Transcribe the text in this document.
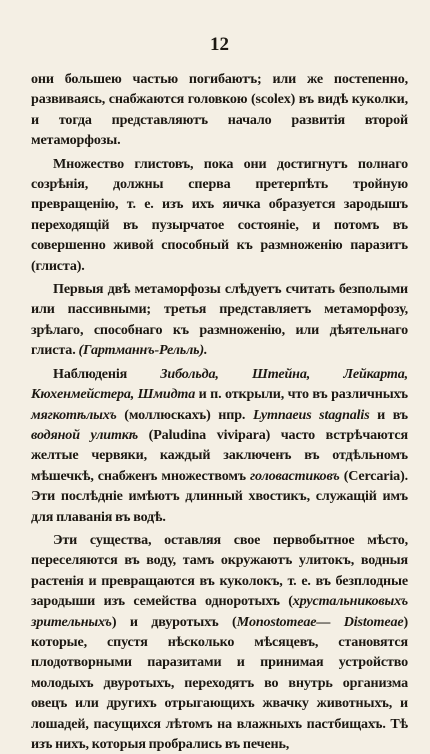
12

они большею частью погибаютъ; или же постепенно, развиваясь, снабжаются головкою (scolex) въ видѣ куколки, и тогда представляютъ начало развитія второй метаморфозы.

Множество глистовъ, пока они достигнутъ полнаго созрѣнія, должны сперва претерпѣть тройную превращенію, т. е. изъ ихъ яичка образуется зародышъ переходящій въ пузырчатое состояніе, и потомъ въ совершенно живой способный къ размноженію паразитъ (глиста).

Первыя двѣ метаморфозы слѣдуетъ считать безполыми или пассивными; третья представляетъ метаморфозу, зрѣлаго, способнаго къ размноженію, или дѣятельнаго глиста. (Гартманнъ-Рельль).

Наблюденія Зибольда, Штейна, Лейкарта, Кюхенмейстера, Шмидта и п. открыли, что въ различныхъ мягкотѣлыхъ (моллюскахъ) нпр. Lymnaeus stagnalis и въ водяной улиткѣ (Paludina vivipara) часто встрѣчаются желтые червяки, каждый заключенъ въ отдѣльномъ мѣшечкѣ, снабженъ множествомъ головастиковъ (Cercaria). Эти послѣдніе имѣютъ длинный хвостикъ, служащій имъ для плаванія въ водѣ.

Эти существа, оставляя свое первобытное мѣсто, переселяются въ воду, тамъ окружаютъ улитокъ, водныя растенія и превращаются въ куколокъ, т. е. въ безплодные зародыши изъ семейства одноротыхъ (хрустальниковыхъ зрительныхъ) и двуротыхъ (Monostomeae— Distomeae) которые, спустя нѣсколько мѣсяцевъ, становятся плодотворными паразитами и принимая устройство молодыхъ двуротыхъ, переходятъ во внутрь организма овецъ или другихъ отрыгающихъ жвачку животныхъ, и лошадей, пасущихся лѣтомъ на влажныхъ пастбищахъ. Тѣ изъ нихъ, которыя пробрались въ печень,
